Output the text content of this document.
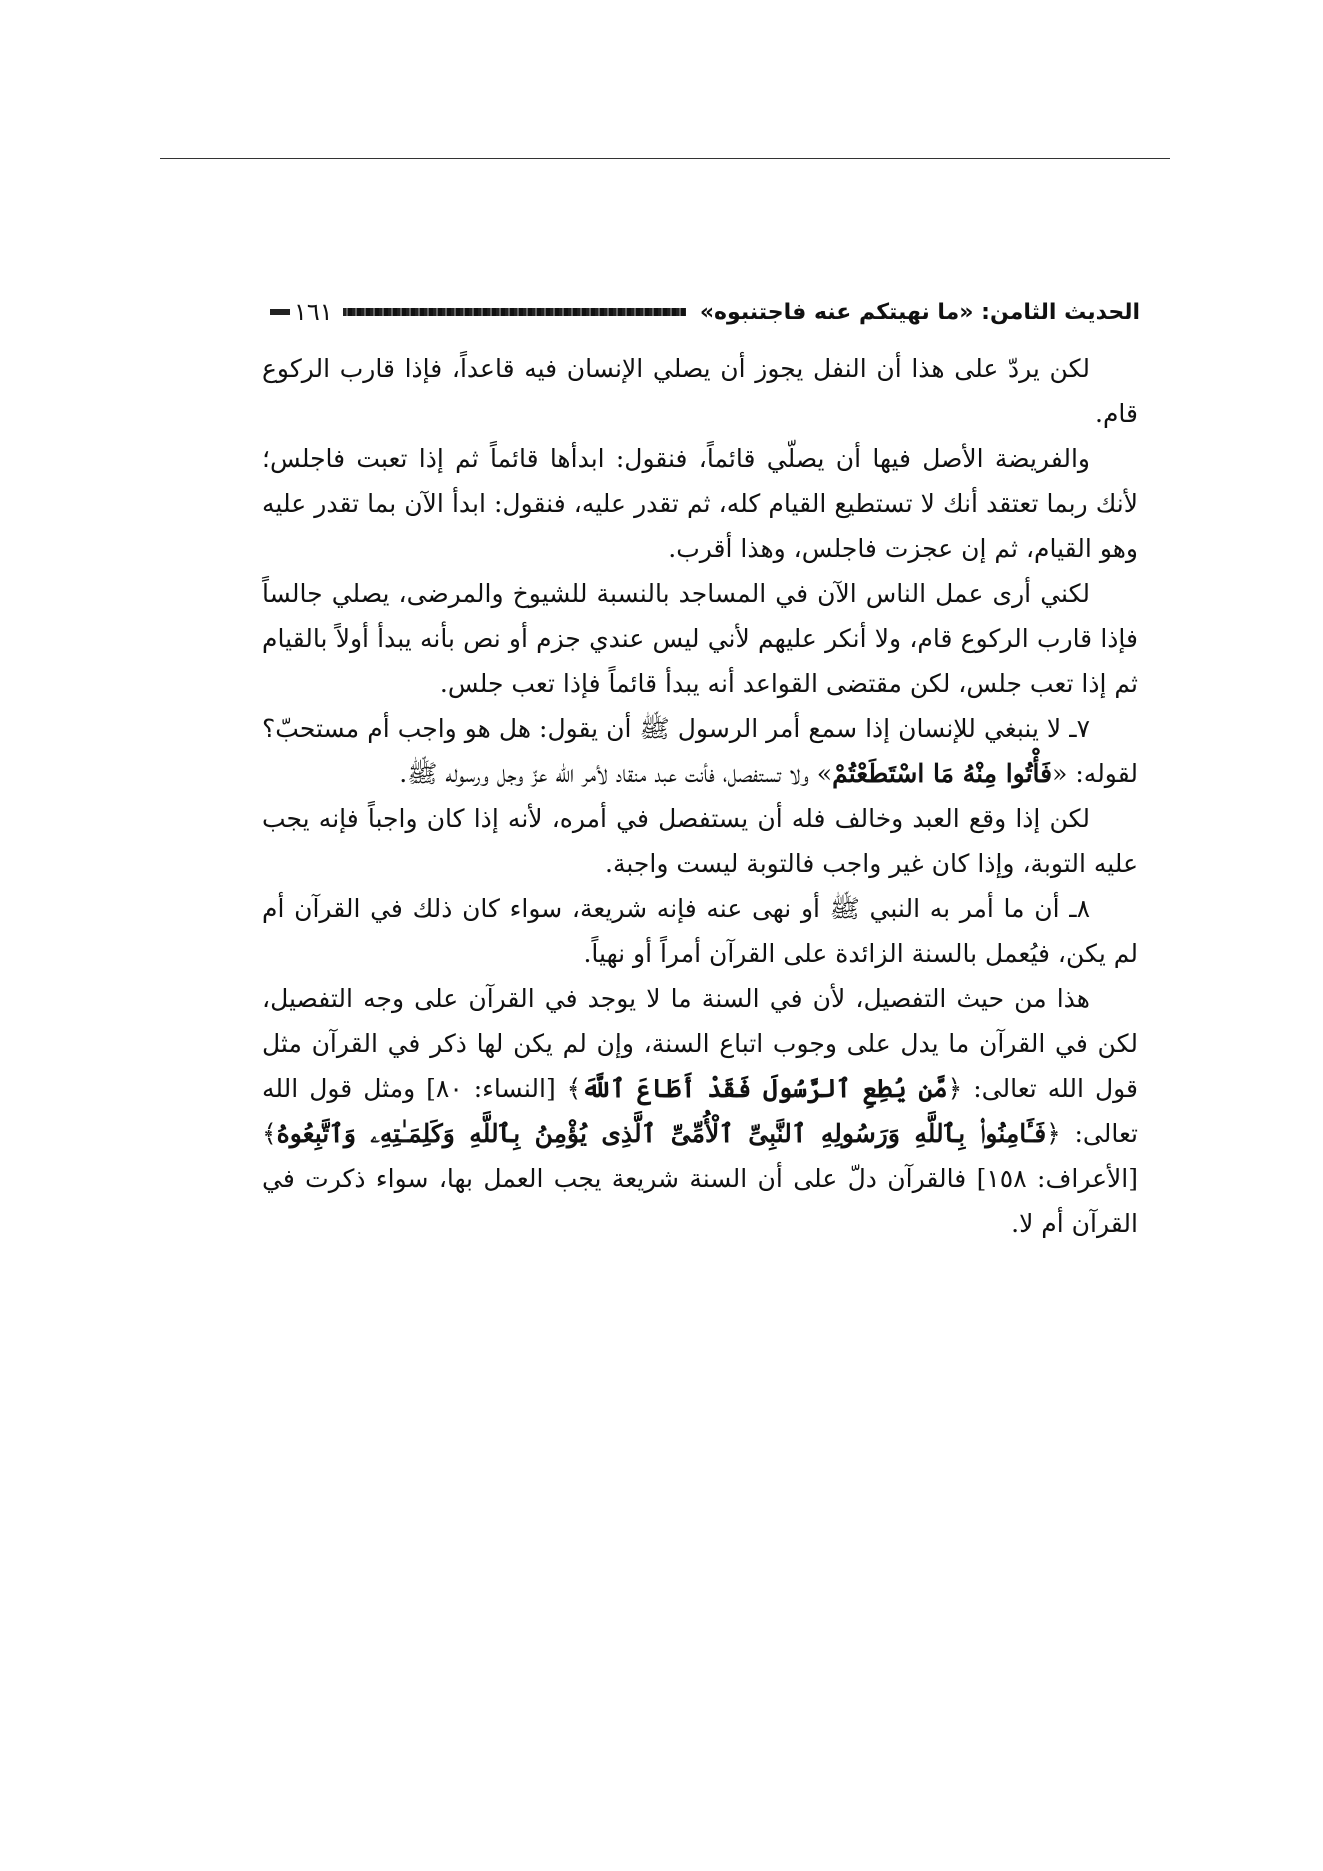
الحديث الثامن: «ما نهيتكم عنه فاجتنبوه»
١٦١

لكن يردّ على هذا أن النفل يجوز أن يصلي الإنسان فيه قاعداً، فإذا قارب الركوع قام.

والفريضة الأصل فيها أن يصلّي قائماً، فنقول: ابدأها قائماً ثم إذا تعبت فاجلس؛ لأنك ربما تعتقد أنك لا تستطيع القيام كله، ثم تقدر عليه، فنقول: ابدأ الآن بما تقدر عليه وهو القيام، ثم إن عجزت فاجلس، وهذا أقرب.

لكني أرى عمل الناس الآن في المساجد بالنسبة للشيوخ والمرضى، يصلي جالساً فإذا قارب الركوع قام، ولا أنكر عليهم لأني ليس عندي جزم أو نص بأنه يبدأ أولاً بالقيام ثم إذا تعب جلس، لكن مقتضى القواعد أنه يبدأ قائماً فإذا تعب جلس.

٧ـ لا ينبغي للإنسان إذا سمع أمر الرسول ﷺ أن يقول: هل هو واجب أم مستحبّ؟ لقوله: «فَأْتُوا مِنْهُ مَا اسْتَطَعْتُمْ» ولا تستفصل، فأنت عبد منقاد لأمر الله عزّ وجل ورسوله ﷺ.

لكن إذا وقع العبد وخالف فله أن يستفصل في أمره، لأنه إذا كان واجباً فإنه يجب عليه التوبة، وإذا كان غير واجب فالتوبة ليست واجبة.

٨ـ أن ما أمر به النبي ﷺ أو نهى عنه فإنه شريعة، سواء كان ذلك في القرآن أم لم يكن، فيُعمل بالسنة الزائدة على القرآن أمراً أو نهياً.

هذا من حيث التفصيل، لأن في السنة ما لا يوجد في القرآن على وجه التفصيل، لكن في القرآن ما يدل على وجوب اتباع السنة، وإن لم يكن لها ذكر في القرآن مثل قول الله تعالى: ﴿مَّن يُطِعِ ٱلرَّسُولَ فَقَدْ أَطَاعَ ٱللَّهَ﴾ [النساء: ٨٠] ومثل قول الله تعالى: ﴿فَـَٔامِنُوا۟ بِٱللَّهِ وَرَسُولِهِ ٱلنَّبِىِّ ٱلْأُمِّىِّ ٱلَّذِى يُؤْمِنُ بِٱللَّهِ وَكَلِمَـٰتِهِۦ وَٱتَّبِعُوهُ﴾ [الأعراف: ١٥٨] فالقرآن دلّ على أن السنة شريعة يجب العمل بها، سواء ذكرت في القرآن أم لا.
